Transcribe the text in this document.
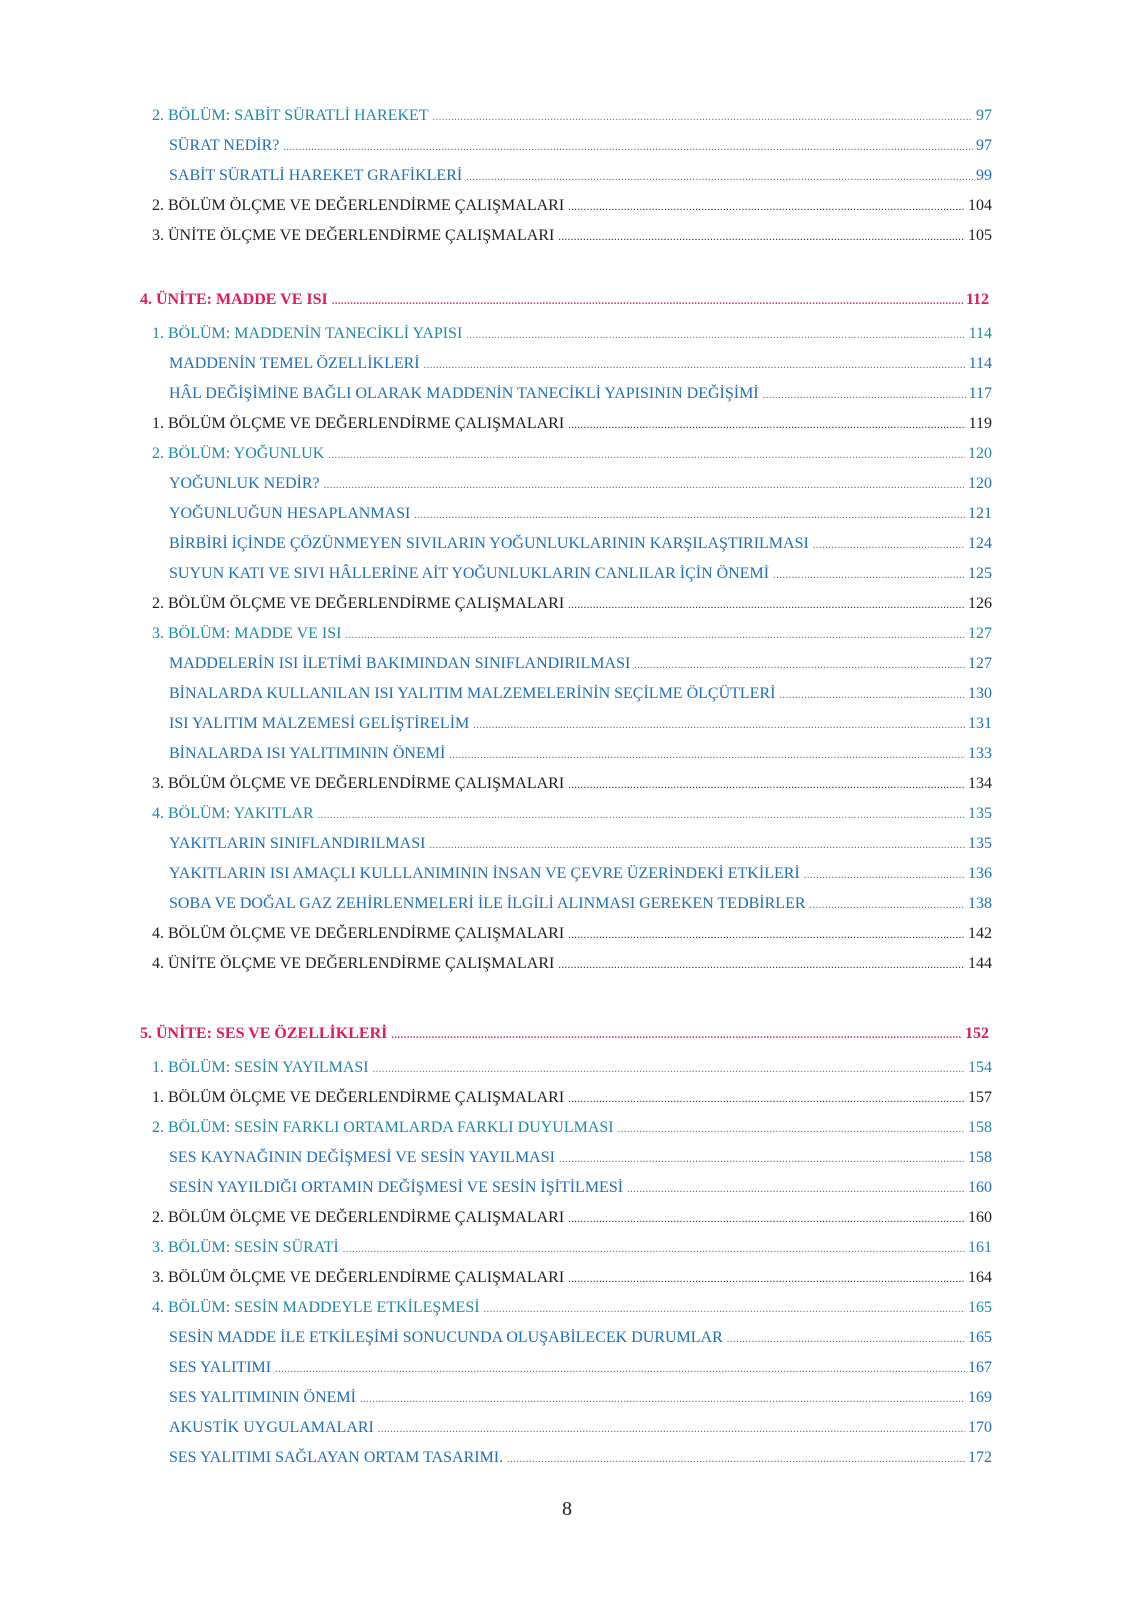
2. BÖLÜM: SABİT SÜRATLİ HAREKET .....	97
SÜRAT NEDİR? .....	97
SABİT SÜRATLİ HAREKET GRAFİKLERİ .....	99
2. BÖLÜM ÖLÇME VE DEĞERLENDİRME ÇALIŞMALARI .....	104
3. ÜNİTE ÖLÇME VE DEĞERLENDİRME ÇALIŞMALARI .....	105
4. ÜNİTE: MADDE VE ISI .....	112
1. BÖLÜM: MADDENİN TANECİKLİ YAPISI .....	114
MADDENİN TEMEL ÖZELLİKLERİ .....	114
HÂL DEĞİŞİMİNE BAĞLI OLARAK MADDENİN TANECİKLİ YAPISININ DEĞİŞİMİ .....	117
1. BÖLÜM ÖLÇME VE DEĞERLENDİRME ÇALIŞMALARI .....	119
2. BÖLÜM: YOĞUNLUK .....	120
YOĞUNLUK NEDİR? .....	120
YOĞUNLUĞUN HESAPLANMASI .....	121
BİRBİRİ İÇİNDE ÇÖZÜNMEYEN SIVILARIN YOĞUNLUKLARININ KARŞILAŞTIRILMASI .....	124
SUYUN KATI VE SIVI HÂLLERİNE AİT YOĞUNLUKLARIN CANLILAR İÇİN ÖNEMİ .....	125
2. BÖLÜM ÖLÇME VE DEĞERLENDİRME ÇALIŞMALARI .....	126
3. BÖLÜM: MADDE VE ISI .....	127
MADDELERİN ISI İLETİMİ BAKIMINDAN SINIFLANDIRILMASI .....	127
BİNALARDA KULLANILAN ISI YALITIM MALZEMELERİNİN SEÇİLME ÖLÇÜTLERİ .....	130
ISI YALITIM MALZEMESİ GELİŞTİRELİM .....	131
BİNALARDA ISI YALITIMININ ÖNEMİ .....	133
3. BÖLÜM ÖLÇME VE DEĞERLENDİRME ÇALIŞMALARI .....	134
4. BÖLÜM: YAKITLAR .....	135
YAKITLARIN SINIFLANDIRILMASI .....	135
YAKITLARIN ISI AMAÇLI KULLLANIMININ İNSAN VE ÇEVRE ÜZERİNDEKİ ETKİLERİ .....	136
SOBA VE DOĞAL GAZ ZEHİRLENMELERİ İLE İLGİLİ ALINMASI GEREKEN TEDBİRLER .....	138
4. BÖLÜM ÖLÇME VE DEĞERLENDİRME ÇALIŞMALARI .....	142
4. ÜNİTE ÖLÇME VE DEĞERLENDİRME ÇALIŞMALARI .....	144
5. ÜNİTE: SES VE ÖZELLİKLERİ .....	152
1. BÖLÜM: SESİN YAYILMASI .....	154
1. BÖLÜM ÖLÇME VE DEĞERLENDİRME ÇALIŞMALARI .....	157
2. BÖLÜM: SESİN FARKLI ORTAMLARDA FARKLI DUYULMASI .....	158
SES KAYNAĞININ DEĞİŞMESİ VE SESİN YAYILMASI .....	158
SESİN YAYILDIĞI ORTAMIN DEĞİŞMESİ VE SESİN İŞİTİLMESİ .....	160
2. BÖLÜM ÖLÇME VE DEĞERLENDİRME ÇALIŞMALARI .....	160
3. BÖLÜM: SESİN SÜRATİ .....	161
3. BÖLÜM ÖLÇME VE DEĞERLENDİRME ÇALIŞMALARI .....	164
4. BÖLÜM: SESİN MADDEYLE ETKİLEŞMESİ .....	165
SESİN MADDE İLE ETKİLEŞİMİ SONUCUNDA OLUŞABİLECEK DURUMLAR .....	165
SES YALITIMI .....	167
SES YALITIMININ ÖNEMİ .....	169
AKUSTİK UYGULAMALARI .....	170
SES YALITIMI SAĞLAYAN ORTAM TASARIMI. .....	172
8
